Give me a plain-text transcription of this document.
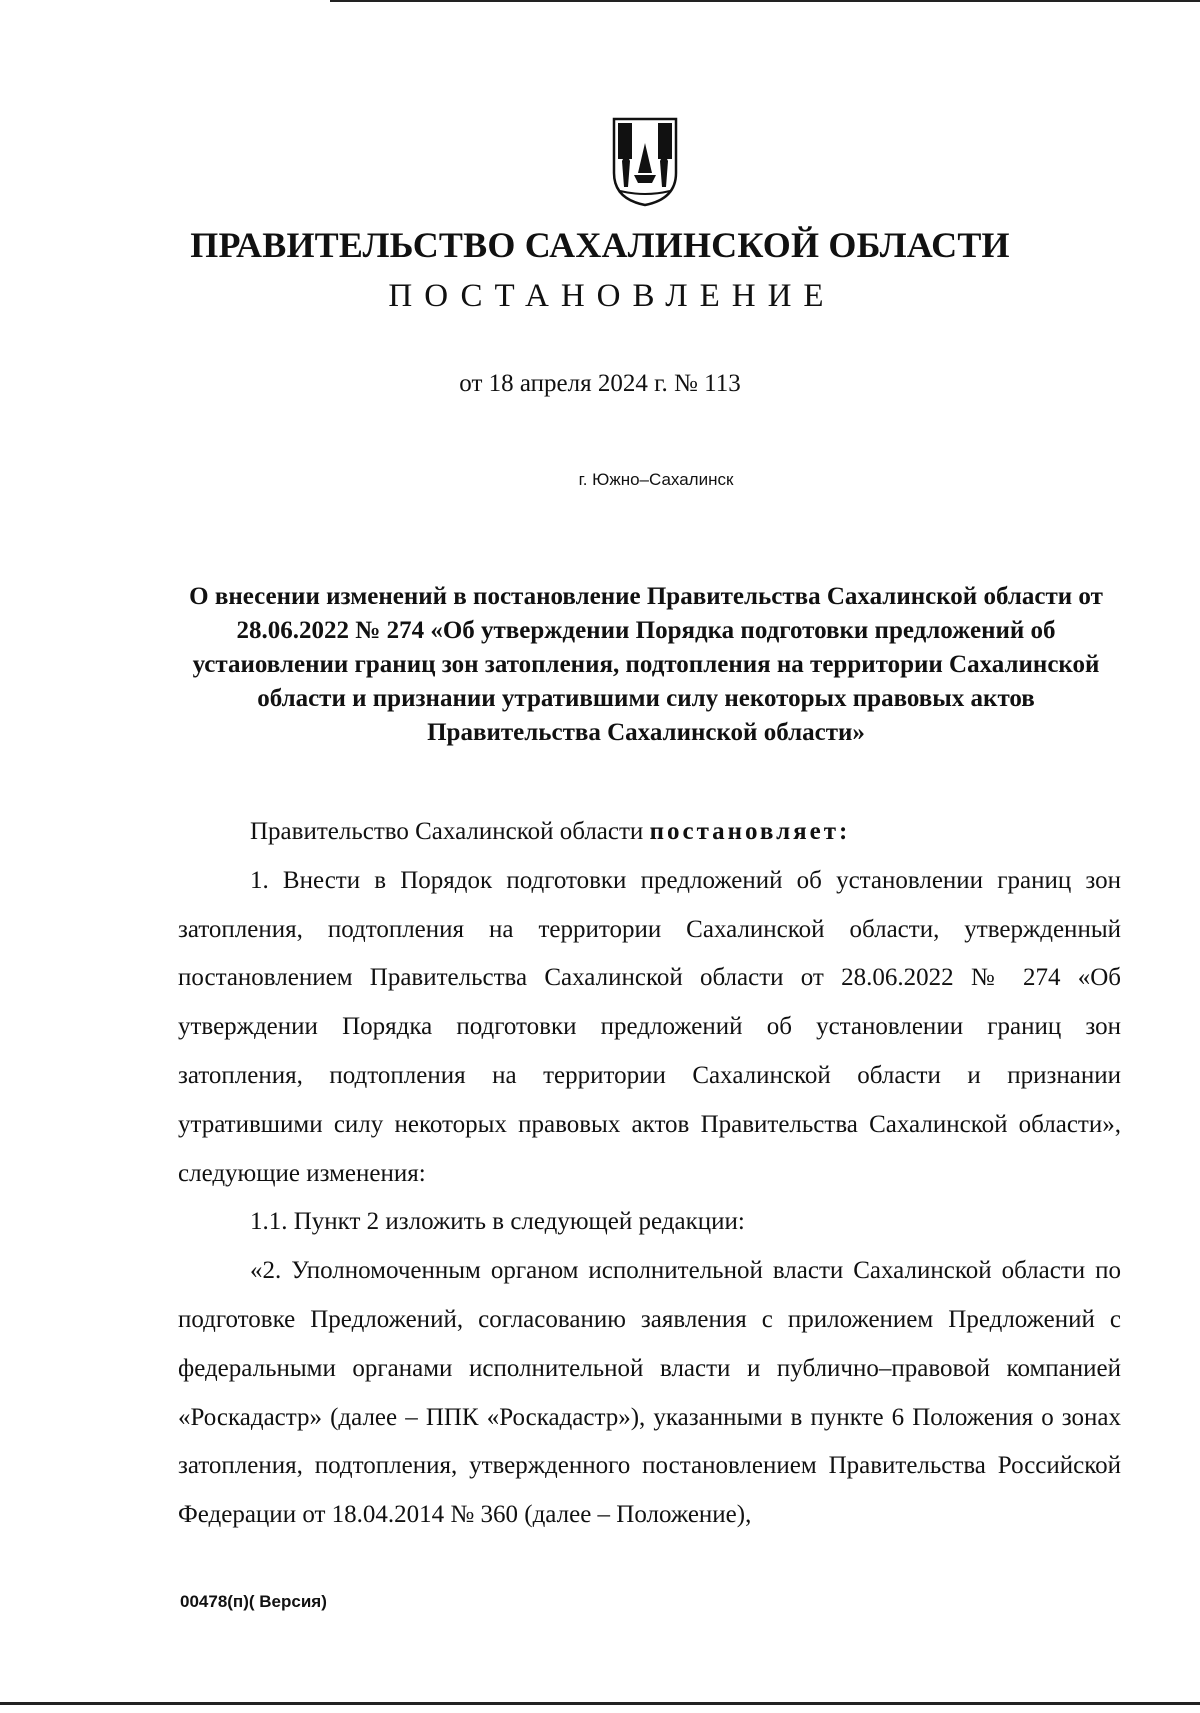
ПРАВИТЕЛЬСТВО САХАЛИНСКОЙ ОБЛАСТИ
ПОСТАНОВЛЕНИЕ
от 18 апреля 2024 г. № 113
г. Южно–Сахалинск

О внесении изменений в постановление Правительства Сахалинской области от 28.06.2022 № 274 «Об утверждении Порядка подготовки предложений об устаиовлении границ зон затопления, подтопления на территории Сахалинской области и признании утратившими силу некоторых правовых актов Правительства Сахалинской области»

Правительство Сахалинской области постановляет:

1. Внести в Порядок подготовки предложений об установлении границ зон затопления, подтопления на территории Сахалинской области, утвержденный постановлением Правительства Сахалинской области от 28.06.2022 № 274 «Об утверждении Порядка подготовки предложений об установлении границ зон затопления, подтопления на территории Сахалинской области и признании утратившими силу некоторых правовых актов Правительства Сахалинской области», следующие изменения:

1.1. Пункт 2 изложить в следующей редакции:

«2. Уполномоченным органом исполнительной власти Сахалинской области по подготовке Предложений, согласованию заявления с приложением Предложений с федеральными органами исполнительной власти и публично–правовой компанией «Роскадастр» (далее – ППК «Роскадастр»), указанными в пункте 6 Положения о зонах затопления, подтопления, утвержденного постановлением Правительства Российской Федерации от 18.04.2014 № 360 (далее – Положение),

00478(п)( Версия)
